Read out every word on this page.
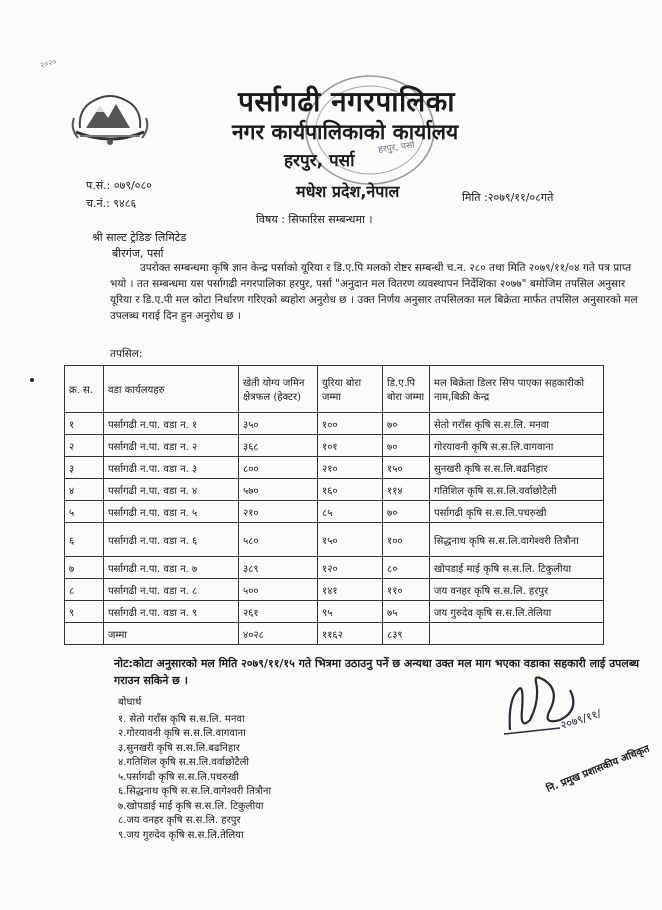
२०२०
हरपुर, पर्सा
पर्सागढी नगरपालिका
नगर कार्यपालिकाको कार्यालय
हरपुर, पर्सा
मधेश प्रदेश,नेपाल
प.सं.: ०७९/०८०
च.नं.: ९४८६	मिति :२०७९/११/०८गते
विषय : सिफारिस सम्बन्धमा ।
श्री साल्ट ट्रेडिङ लिमिटेड
बीरगंज, पर्सा
उपरोक्त सम्बन्धमा कृषि ज्ञान केन्द्र पर्साको यूरिया र डि.ए.पि मलको रोष्टर सम्बन्धी च.न. २८० तथा मिति २०७९/११/०४ गते पत्र प्राप्त भयो । तत सम्बन्धमा यस पर्सागढी नगरपालिका हरपुर, पर्सा "अनुदान मल वितरण व्यवस्थापन निर्देशिका २०७७" बमोजिम तपसिल अनुसार यूरिया र डि.ए.पी मल कोटा निर्धारण गरिएको ब्यहोरा अनुरोध छ । उक्त निर्णय अनुसार तपसिलका मल बिक्रेता मार्फत तपसिल अनुसारको मल उपलब्ध गराई दिन हुन अनुरोध छ ।
तपसिल:
क्र. स.	वडा कार्यलयहरु	खेती योग्य जमिन क्षेत्रफल (हेक्टर)	युरिया बोरा जम्मा	डि.ए.पि बोरा जम्मा	मल बिक्रेता डिलर सिप पाएका सहकारीको नाम,बिक्री केन्द्र
१	पर्सागढी न.पा. वडा न. १	३५०	१००	७०	सेतो गराँस कृषि स.स.लि. मनवा
२	पर्सागढी न.पा. वडा न. २	३६८	१०१	७०	गोरयावनी कृषि स.स.लि.वागवाना
३	पर्सागढी न.पा. वडा न. ३	८००	२१०	१५०	सुनखरी कृषि स.स.लि.बढनिहार
४	पर्सागढी न.पा. वडा न. ४	५७०	१६०	११४	गतिशिल कृषि स.स.लि.वर्वाछोटैली
५	पर्सागढी न.पा. वडा न. ५	२१०	८५	७०	पर्सागढी कृषि स.स.लि.पचरुखी
६	पर्सागढी न.पा. वडा न. ६	५८०	१५०	१००	सिद्धनाथ कृषि स.स.लि.वागेश्वरी तित्रौना
७	पर्सागढी न.पा. वडा न. ७	३८९	१२०	८०	खोपडाई माई कृषि स.स.लि. टिकुलीया
८	पर्सागढी न.पा. वडा न. ८	५००	१४१	११०	जय वनहर कृषि स.स.लि. हरपुर
९	पर्सागढी न.पा. वडा न. ९	२६१	९५	७५	जय गुरुदेव कृषि स.स.लि.तेलिया
	जम्मा	४०२८	११६२	८३९	
नोट:कोटा अनुसारको मल मिति २०७९/११/१५ गते भित्रमा उठाउनु पर्ने छ अन्यथा उक्त मल माग भएका वडाका सहकारी लाई उपलब्ध गराउन सकिने छ ।
२०७९/११/
नि. प्रमुख प्रशासकीय अधिकृत
बोधार्थ
१. सेतो गराँस कृषि स.स.लि. मनवा
२.गोरयावनी कृषि स.स.लि.वागवाना
३.सुनखरी कृषि स.स.लि.बढनिहार
४.गतिशिल कृषि स.स.लि.वर्वाछोटैली
५.पर्सागढी कृषि स.स.लि.पचरुखी
६.सिद्धनाथ कृषि स.स.लि.वागेश्वरी तित्रौना
७.खोपडाई माई कृषि स.स.लि. टिकुलीया
८.जय वनहर कृषि स.स.लि. हरपुर
९.जय गुरुदेव कृषि स.स.लि.तेलिया
